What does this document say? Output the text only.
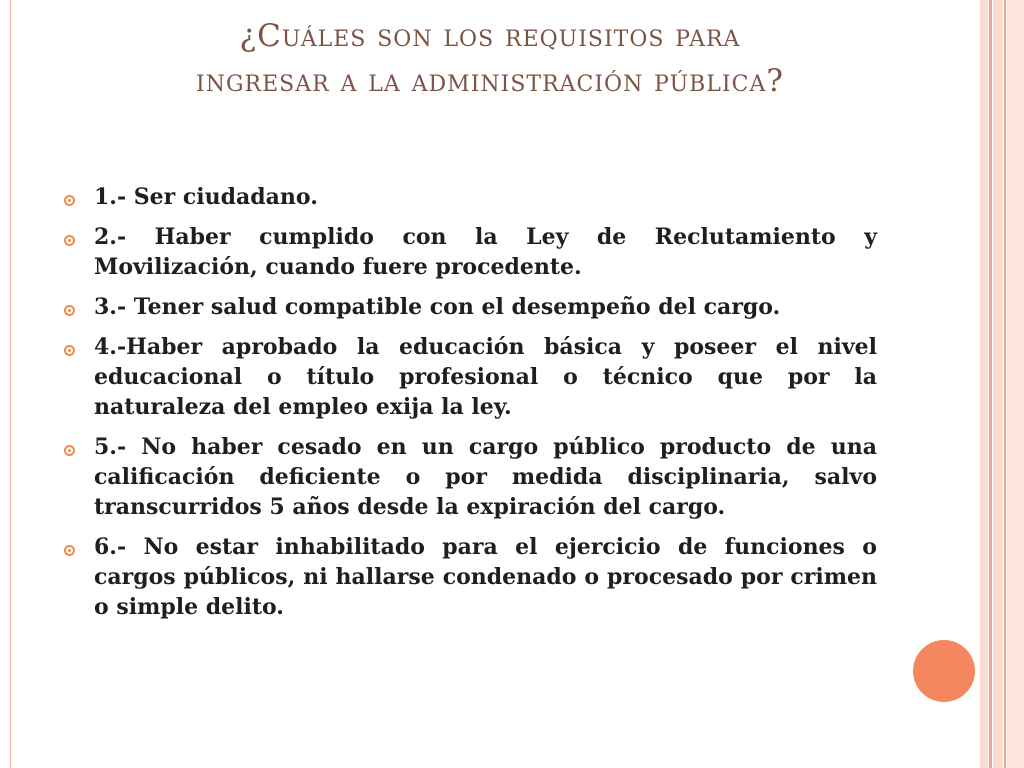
¿Cuáles son los requisitos para
ingresar a la administración pública?
1.- Ser ciudadano.
2.- Haber cumplido con la Ley de Reclutamiento y Movilización, cuando fuere procedente.
3.- Tener salud compatible con el desempeño del cargo.
4.-Haber aprobado la educación básica y poseer el nivel educacional o título profesional o técnico que por la naturaleza del empleo exija la ley.
5.- No haber cesado en un cargo público producto de una calificación deficiente o por medida disciplinaria, salvo transcurridos 5 años desde la expiración del cargo.
6.- No estar inhabilitado para el ejercicio de funciones o cargos públicos, ni hallarse condenado o procesado por crimen o simple delito.
